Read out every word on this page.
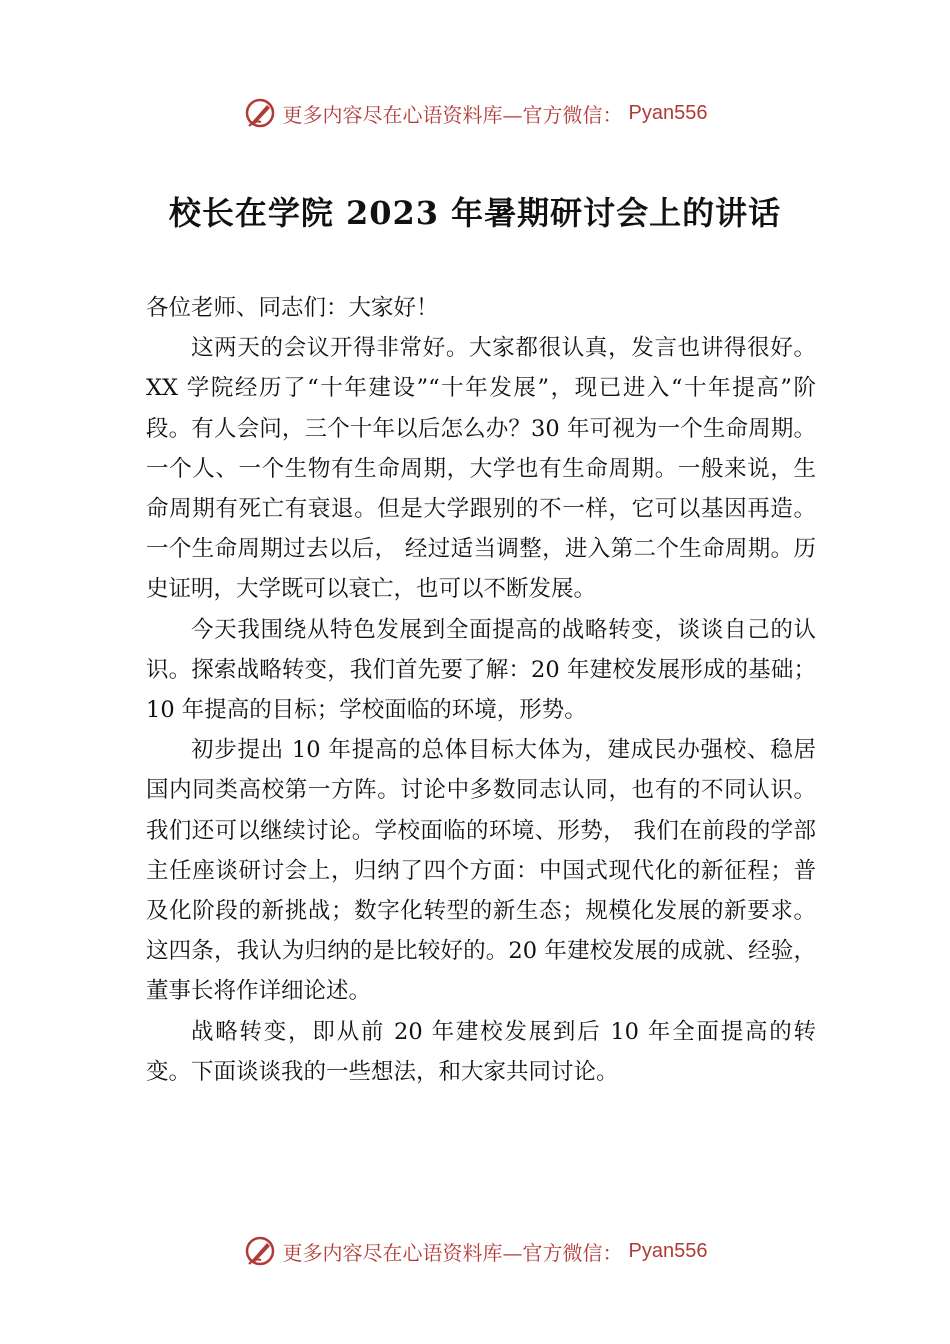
更多内容尽在心语资料库—官方微信： Pyan556
校长在学院 2023 年暑期研讨会上的讲话

各位老师、同志们：大家好！

这两天的会议开得非常好。大家都很认真，发言也讲得很好。XX 学院经历了“十年建设”“十年发展”，现已进入“十年提高”阶段。有人会问，三个十年以后怎么办？30 年可视为一个生命周期。一个人、一个生物有生命周期，大学也有生命周期。一般来说，生命周期有死亡有衰退。但是大学跟别的不一样，它可以基因再造。一个生命周期过去以后， 经过适当调整，进入第二个生命周期。历史证明，大学既可以衰亡，也可以不断发展。

今天我围绕从特色发展到全面提高的战略转变，谈谈自己的认识。探索战略转变，我们首先要了解：20 年建校发展形成的基础；10 年提高的目标；学校面临的环境，形势。

初步提出 10 年提高的总体目标大体为，建成民办强校、稳居国内同类高校第一方阵。讨论中多数同志认同，也有的不同认识。我们还可以继续讨论。学校面临的环境、形势， 我们在前段的学部主任座谈研讨会上，归纳了四个方面：中国式现代化的新征程；普及化阶段的新挑战；数字化转型的新生态；规模化发展的新要求。这四条，我认为归纳的是比较好的。20 年建校发展的成就、经验，董事长将作详细论述。

战略转变，即从前 20 年建校发展到后 10 年全面提高的转变。下面谈谈我的一些想法，和大家共同讨论。

更多内容尽在心语资料库—官方微信： Pyan556
